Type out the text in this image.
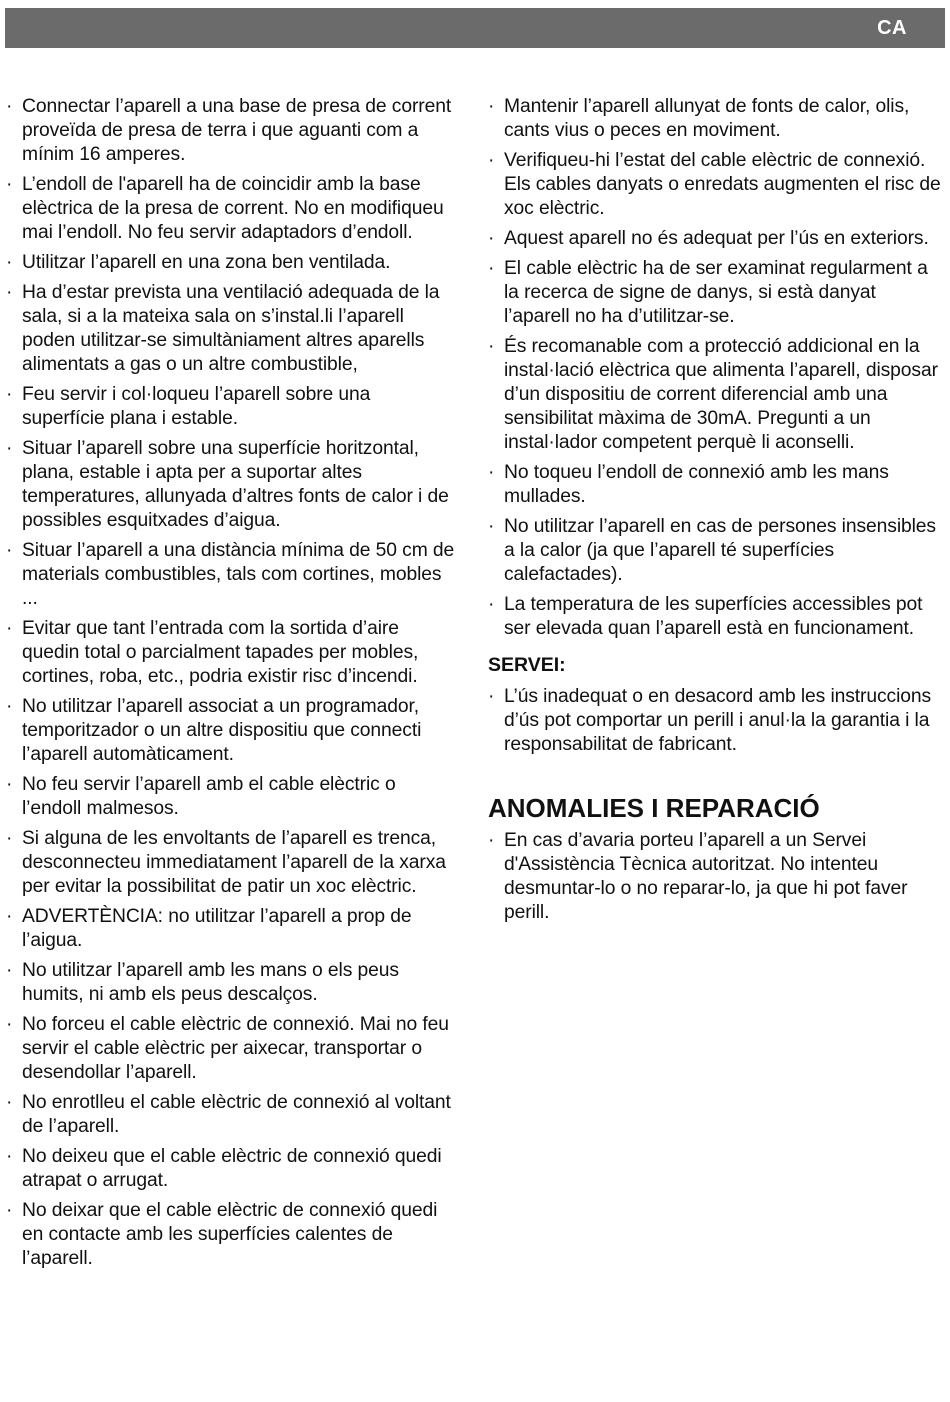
CA
· Connectar l’aparell a una base de presa de corrent proveïda de presa de terra i que aguanti com a mínim 16 amperes.
· L’endoll de l'aparell ha de coincidir amb la base elèctrica de la presa de corrent. No en modifiqueu mai l’endoll. No feu servir adaptadors d’endoll.
· Utilitzar l’aparell en una zona ben ventilada.
· Ha d’estar prevista una ventilació adequada de la sala, si a la mateixa sala on s’instal.li l’aparell poden utilitzar-se simultàniament altres aparells alimentats a gas o un altre combustible,
· Feu servir i col·loqueu l’aparell sobre una superfície plana i estable.
· Situar l’aparell sobre una superfície horitzontal, plana, estable i apta per a suportar altes temperatures, allunyada d’altres fonts de calor i de possibles esquitxades d’aigua.
· Situar l’aparell a una distància mínima de 50 cm de materials combustibles, tals com cortines, mobles ...
· Evitar que tant l’entrada com la sortida d’aire quedin total o parcialment tapades per mobles, cortines, roba, etc., podria existir risc d’incendi.
· No utilitzar l’aparell associat a un programador, temporitzador o un altre dispositiu que connecti l’aparell automàticament.
· No feu servir l’aparell amb el cable elèctric o l’endoll malmesos.
· Si alguna de les envoltants de l’aparell es trenca, desconnecteu immediatament l’aparell de la xarxa per evitar la possibilitat de patir un xoc elèctric.
· ADVERTÈNCIA: no utilitzar l’aparell a prop de l’aigua.
· No utilitzar l’aparell amb les mans o els peus humits, ni amb els peus descalços.
· No forceu el cable elèctric de connexió. Mai no feu servir el cable elèctric per aixecar, transportar o desendollar l’aparell.
· No enrotlleu el cable elèctric de connexió al voltant de l’aparell.
· No deixeu que el cable elèctric de connexió quedi atrapat o arrugat.
· No deixar que el cable elèctric de connexió quedi en contacte amb les superfícies calentes de l’aparell.
· Mantenir l’aparell allunyat de fonts de calor, olis, cants vius o peces en moviment.
· Verifiqueu-hi l’estat del cable elèctric de connexió. Els cables danyats o enredats augmenten el risc de xoc elèctric.
· Aquest aparell no és adequat per l’ús en exteriors.
· El cable elèctric ha de ser examinat regularment a la recerca de signe de danys, si està danyat l’aparell no ha d’utilitzar-se.
· És recomanable com a protecció addicional en la instal·lació elèctrica que alimenta l’aparell, disposar d’un dispositiu de corrent diferencial amb una sensibilitat màxima de 30mA. Pregunti a un instal·lador competent perquè li aconselli.
· No toqueu l’endoll de connexió amb les mans mullades.
· No utilitzar l’aparell en cas de persones insensibles a la calor (ja que l’aparell té superfícies calefactades).
· La temperatura de les superfícies accessibles pot ser elevada quan l’aparell està en funcionament.
SERVEI:
· L’ús inadequat o en desacord amb les instruccions d’ús pot comportar un perill i anul·la la garantia i la responsabilitat de fabricant.
ANOMALIES I REPARACIÓ
· En cas d’avaria porteu l’aparell a un Servei d'Assistència Tècnica autoritzat. No intenteu desmuntar-lo o no reparar-lo, ja que hi pot faver perill.
